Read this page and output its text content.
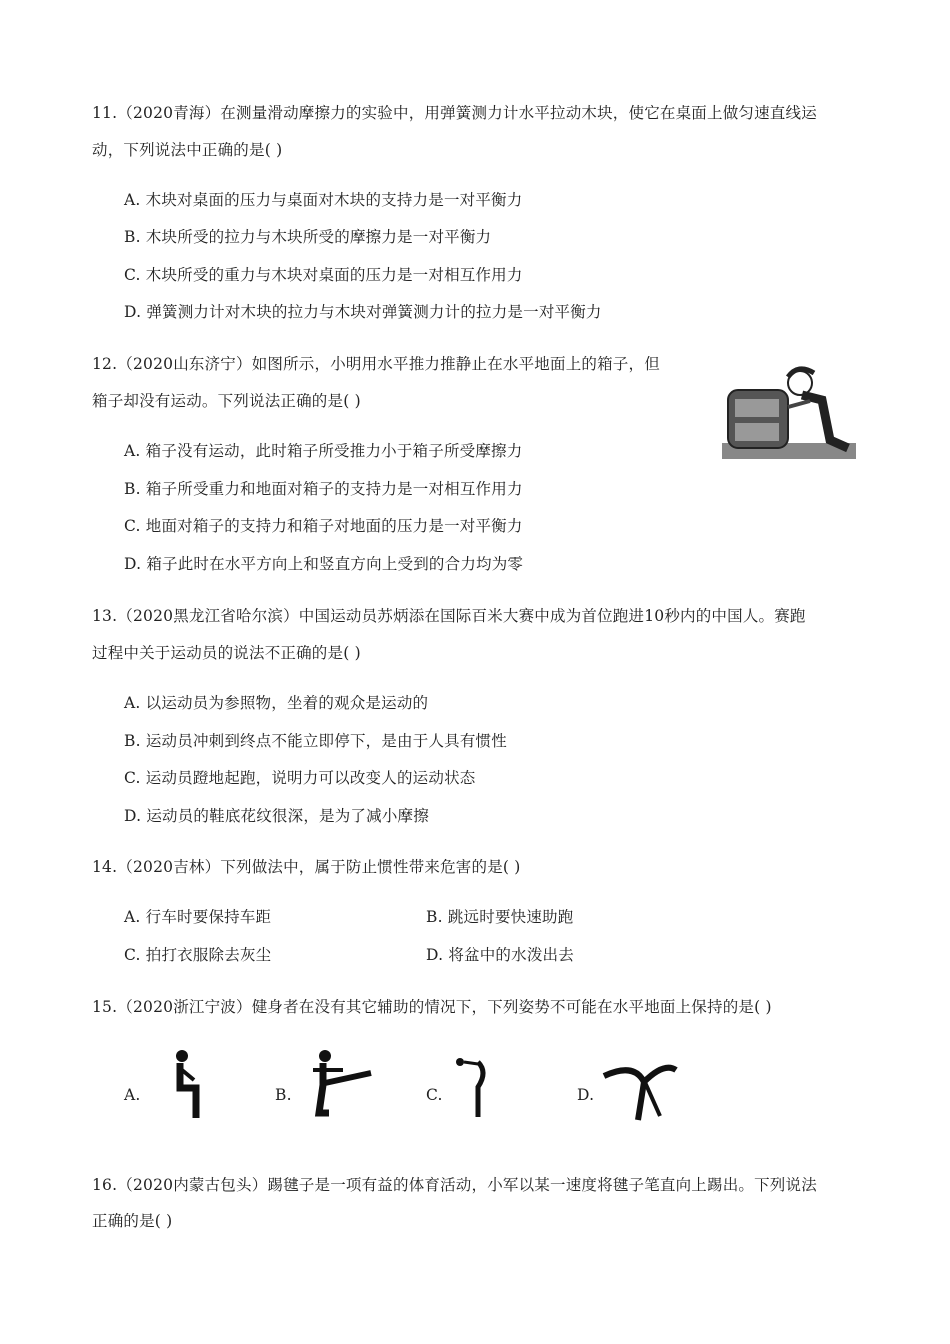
11.（2020青海）在测量滑动摩擦力的实验中，用弹簧测力计水平拉动木块，使它在桌面上做匀速直线运
动，下列说法中正确的是( )
A. 木块对桌面的压力与桌面对木块的支持力是一对平衡力
B. 木块所受的拉力与木块所受的摩擦力是一对平衡力
C. 木块所受的重力与木块对桌面的压力是一对相互作用力
D. 弹簧测力计对木块的拉力与木块对弹簧测力计的拉力是一对平衡力
12.（2020山东济宁）如图所示，小明用水平推力推静止在水平地面上的箱子，但
箱子却没有运动。下列说法正确的是( )
A. 箱子没有运动，此时箱子所受推力小于箱子所受摩擦力
B. 箱子所受重力和地面对箱子的支持力是一对相互作用力
C. 地面对箱子的支持力和箱子对地面的压力是一对平衡力
D. 箱子此时在水平方向上和竖直方向上受到的合力均为零
13.（2020黑龙江省哈尔滨）中国运动员苏炳添在国际百米大赛中成为首位跑进10秒内的中国人。赛跑
过程中关于运动员的说法不正确的是( )
A. 以运动员为参照物，坐着的观众是运动的
B. 运动员冲刺到终点不能立即停下，是由于人具有惯性
C. 运动员蹬地起跑，说明力可以改变人的运动状态
D. 运动员的鞋底花纹很深，是为了减小摩擦
14.（2020吉林）下列做法中，属于防止惯性带来危害的是( )
A. 行车时要保持车距	B. 跳远时要快速助跑
C. 拍打衣服除去灰尘	D. 将盆中的水泼出去
15.（2020浙江宁波）健身者在没有其它辅助的情况下，下列姿势不可能在水平地面上保持的是( )
A.	B.	C.	D.
16.（2020内蒙古包头）踢毽子是一项有益的体育活动，小军以某一速度将毽子笔直向上踢出。下列说法
正确的是( )
